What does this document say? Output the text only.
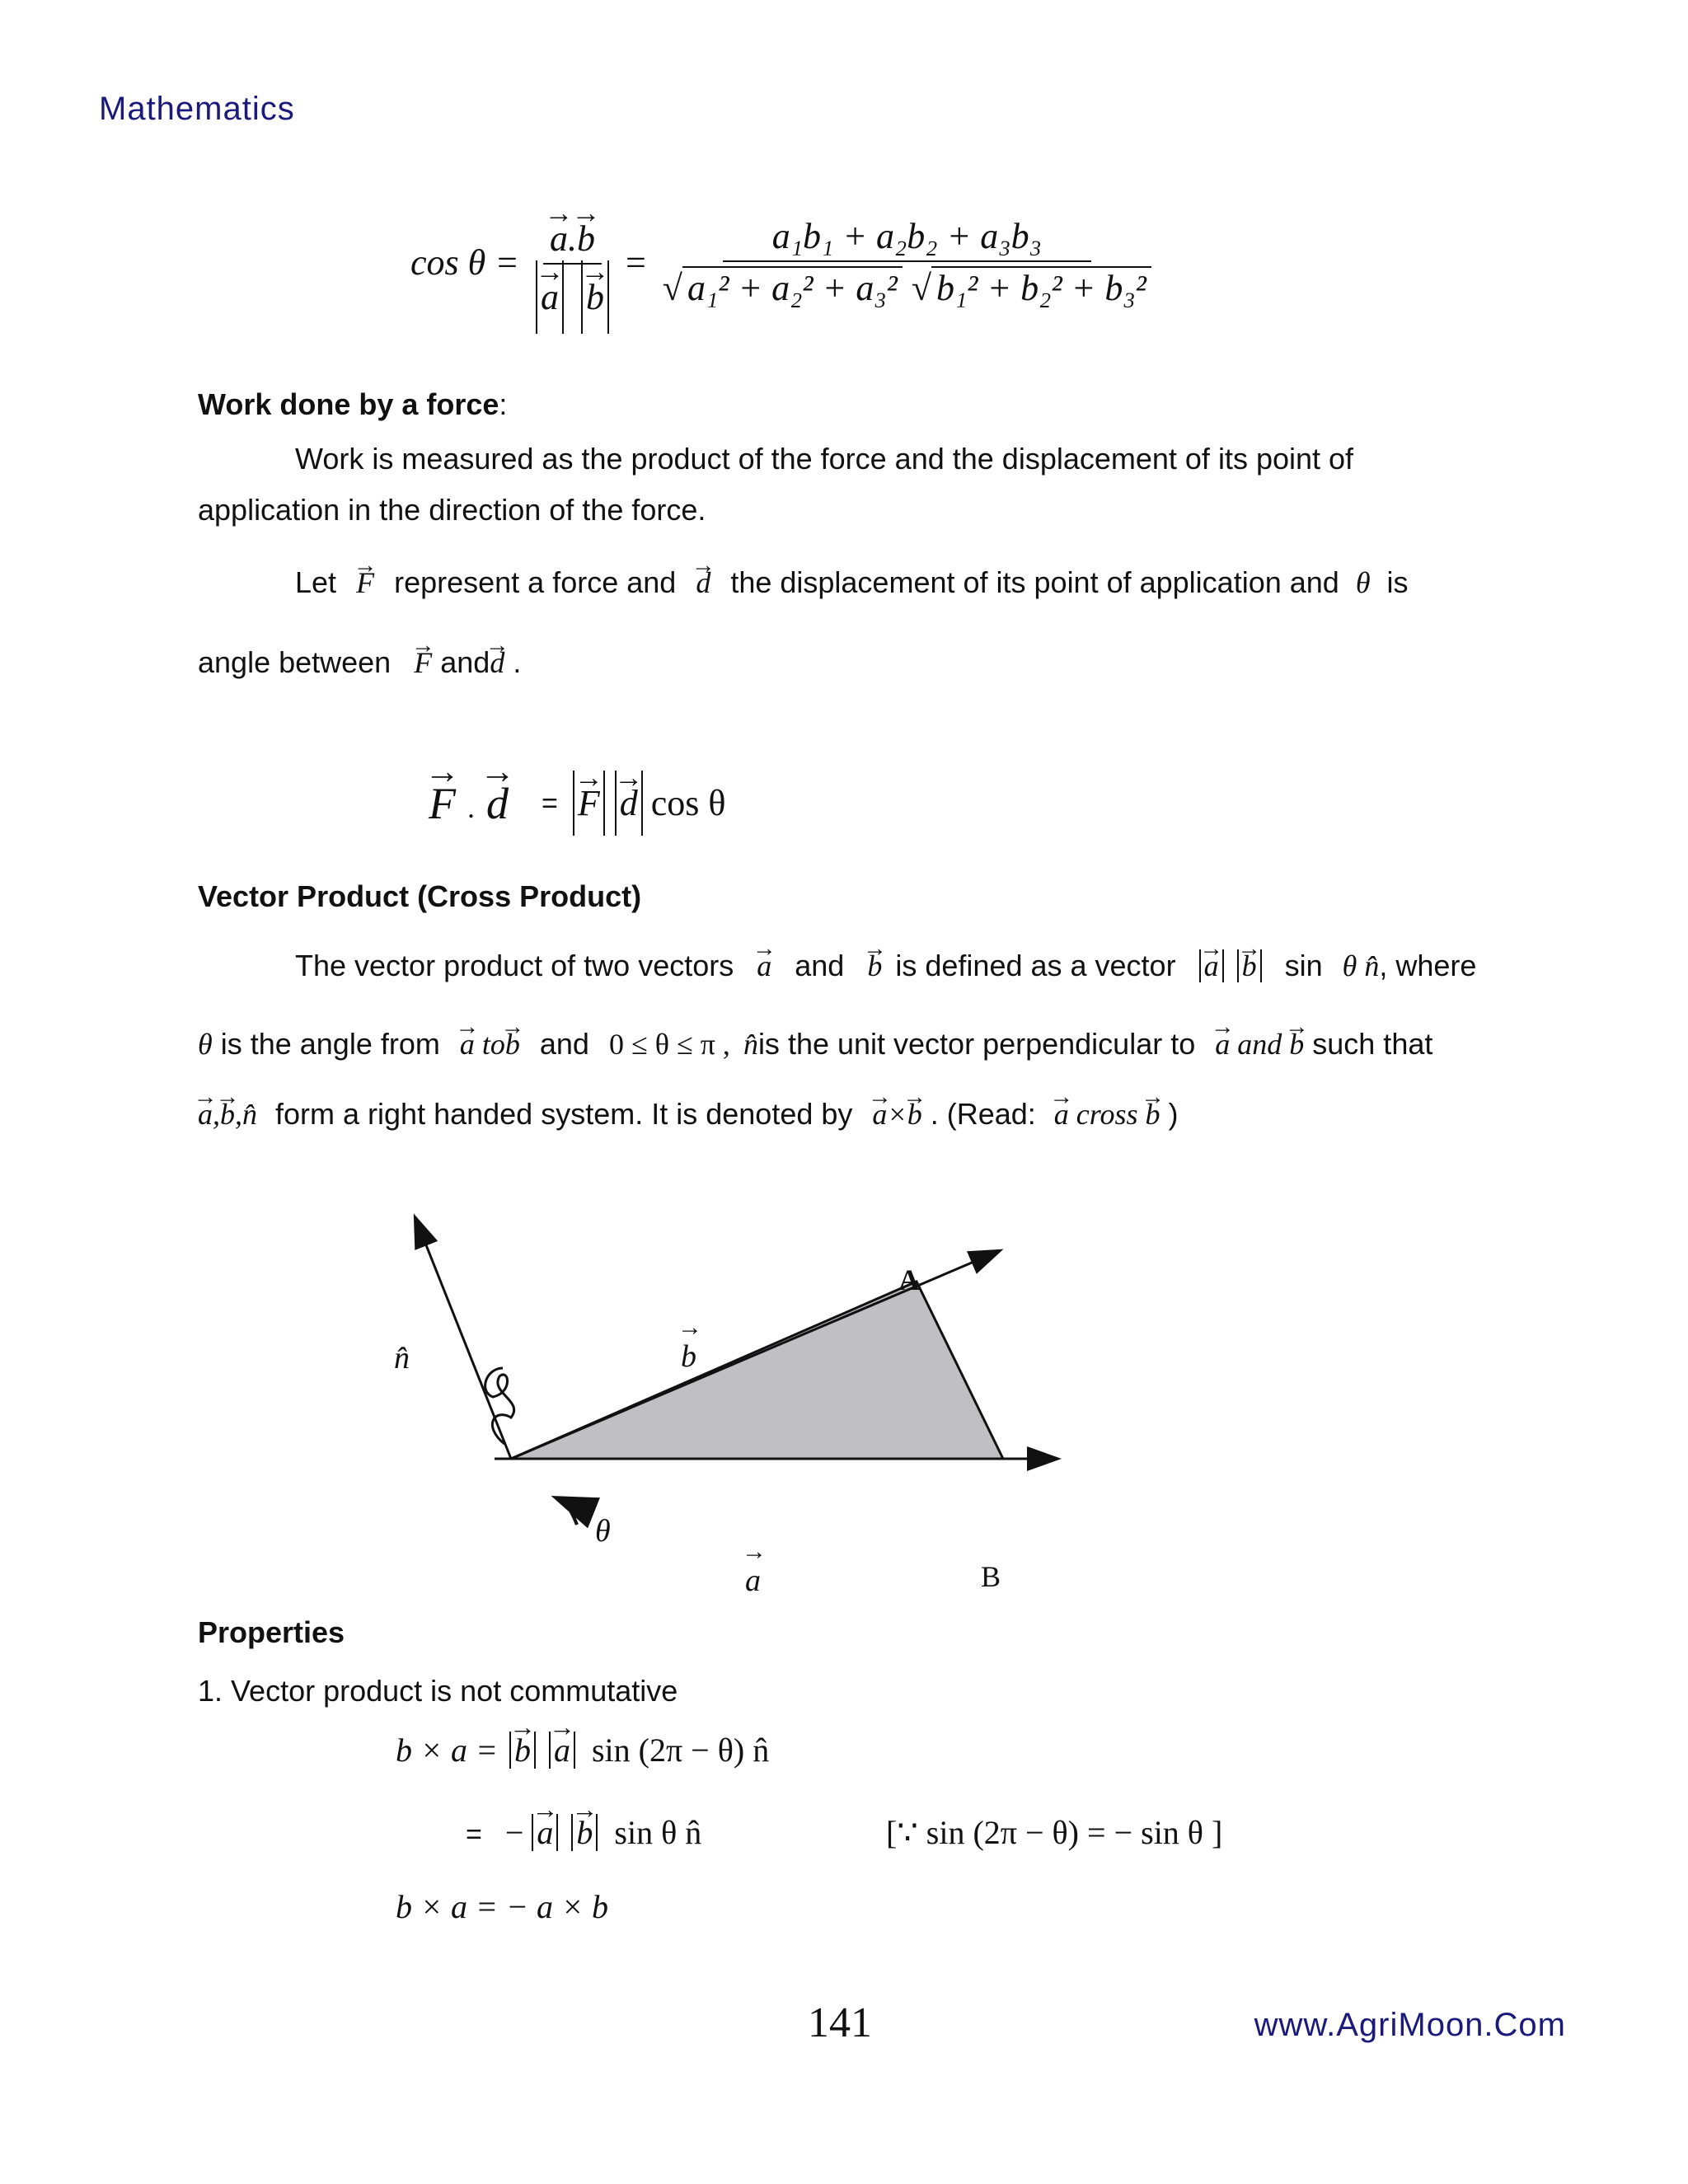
Mathematics
cos θ = → a.→ b
→ $a \to b = \frac{\text{a₁b₁ + a₂b₂ + a₃b₃}}{\text{√ a₁² + a₂² + a₃² √ b₁² + b₂² + b₃²}}$
Work done by a force:
Work is measured as the product of the force and the displacement of its point of
application in the direction of the force.
Let → F represent a force and → d the displacement of its point of application and θ is
angle between → F and→ d .
→ F . → d = → F → d cos θ
Vector Product (Cross Product)
The vector product of two vectors → a and → b is defined as a vector → a → b sin θ n̂, where
θ is the angle from → a to→ b and 0 ≤ θ ≤ π , n̂is the unit vector perpendicular to → a and → b such that
→ a,→ b,n̂ form a right handed system. It is denoted by → a×→ b . (Read: → a cross → b )
A
n̂
→
b
θ
→
a	B
Properties
1. Vector product is not commutative
b × a = → b → a sin (2π − θ) n̂
= − → a → b sin θ n̂	[∵ sin (2π − θ) = − sin θ ]
b × a = − a × b
141	www.AgriMoon.Com
